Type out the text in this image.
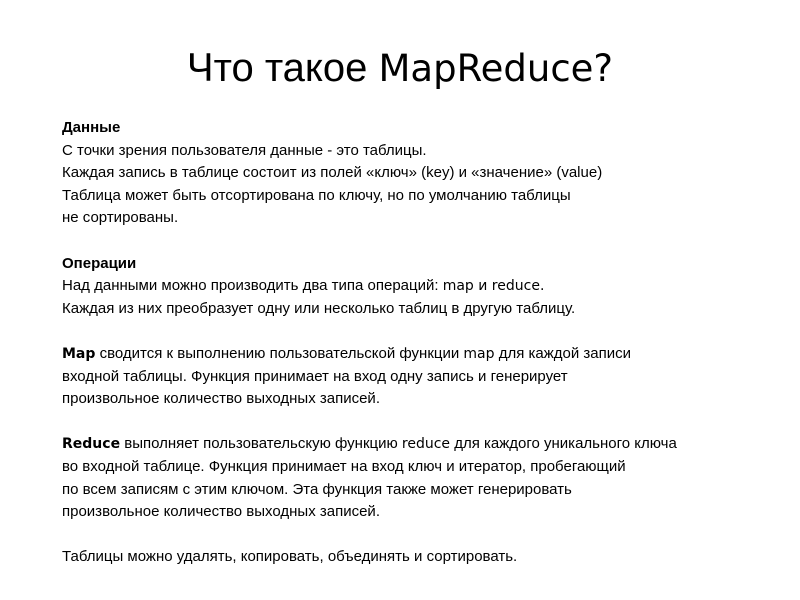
Что такое MapReduce?
Данные
С точки зрения пользователя данные - это таблицы.
Каждая запись в таблице состоит из полей «ключ» (key) и «значение» (value)
Таблица может быть отсортирована по ключу, но по умолчанию таблицы
не сортированы.
Операции
Над данными можно производить два типа операций: map и reduce.
Каждая из них преобразует одну или несколько таблиц в другую таблицу.
Map сводится к выполнению пользовательской функции map для каждой записи
входной таблицы. Функция принимает на вход одну запись и генерирует
произвольное количество выходных записей.
Reduce выполняет пользовательскую функцию reduce для каждого уникального ключа
во входной таблице. Функция принимает на вход ключ и итератор, пробегающий
по всем записям с этим ключом. Эта функция также может генерировать
произвольное количество выходных записей.
Таблицы можно удалять, копировать, объединять и сортировать.
